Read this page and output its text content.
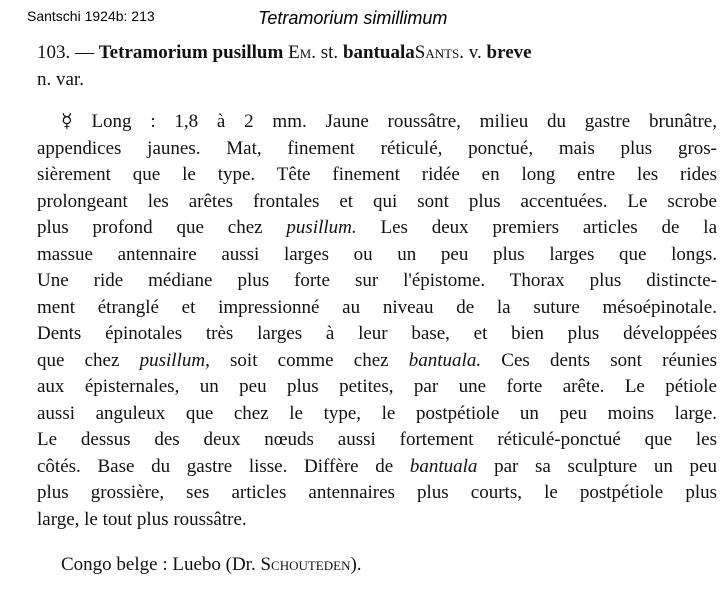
Santschi 1924b: 213	Tetramorium simillimum
103. — Tetramorium pusillum Em. st. bantualaSants. v. breve
n. var.
☿ Long : 1,8 à 2 mm. Jaune roussâtre, milieu du gastre brunâtre,
appendices jaunes. Mat, finement réticulé, ponctué, mais plus gros-
sièrement que le type. Tête finement ridée en long entre les rides
prolongeant les arêtes frontales et qui sont plus accentuées. Le scrobe
plus profond que chez pusillum. Les deux premiers articles de la
massue antennaire aussi larges ou un peu plus larges que longs.
Une ride médiane plus forte sur l'épistome. Thorax plus distincte-
ment étranglé et impressionné au niveau de la suture mésoépinotale.
Dents épinotales très larges à leur base, et bien plus développées
que chez pusillum, soit comme chez bantuala. Ces dents sont réunies
aux épisternales, un peu plus petites, par une forte arête. Le pétiole
aussi anguleux que chez le type, le postpétiole un peu moins large.
Le dessus des deux nœuds aussi fortement réticulé-ponctué que les
côtés. Base du gastre lisse. Diffère de bantuala par sa sculpture un peu
plus grossière, ses articles antennaires plus courts, le postpétiole plus
large, le tout plus roussâtre.
Congo belge : Luebo (Dr. Schouteden).
